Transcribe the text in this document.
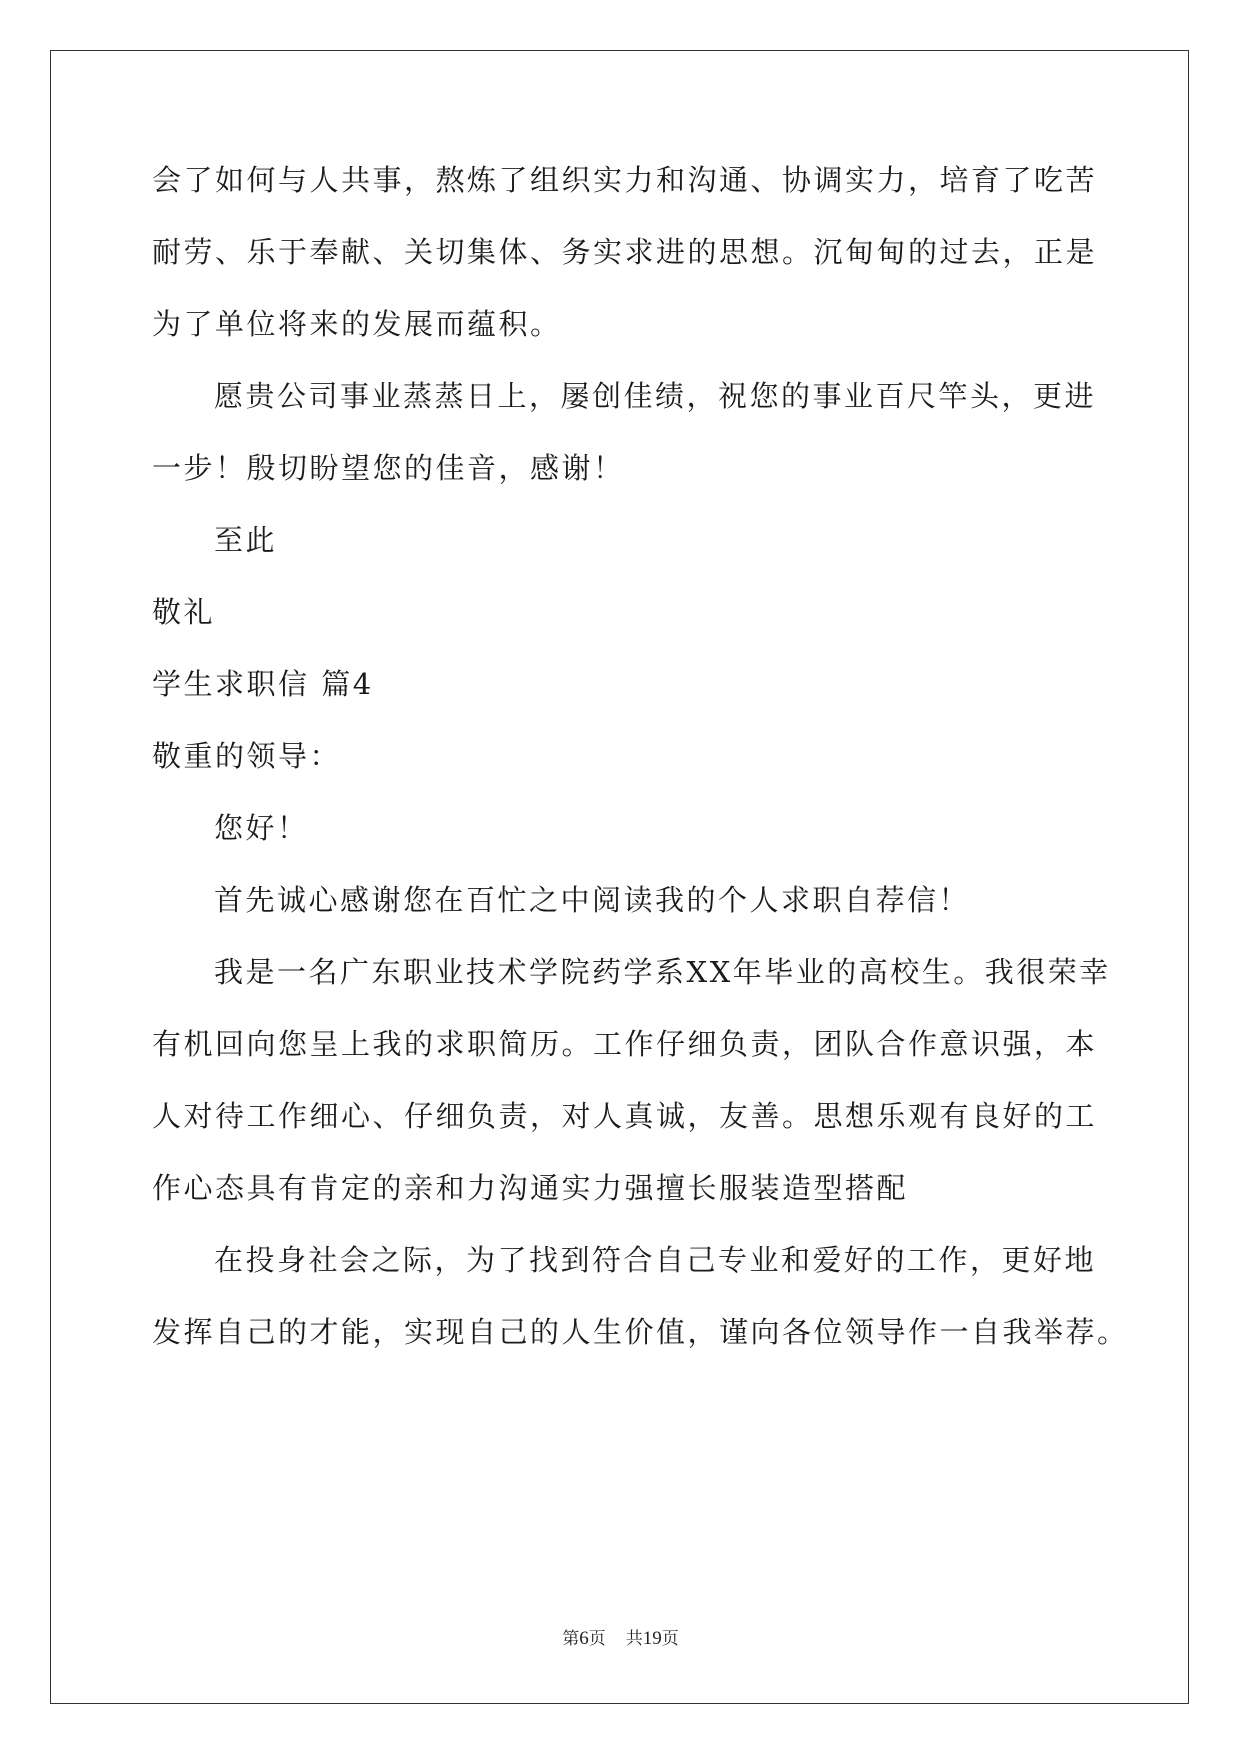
会了如何与人共事，熬炼了组织实力和沟通、协调实力，培育了吃苦
耐劳、乐于奉献、关切集体、务实求进的思想。沉甸甸的过去，正是
为了单位将来的发展而蕴积。
愿贵公司事业蒸蒸日上，屡创佳绩，祝您的事业百尺竿头，更进
一步！殷切盼望您的佳音，感谢！
至此
敬礼
学生求职信 篇4
敬重的领导：
您好！
首先诚心感谢您在百忙之中阅读我的个人求职自荐信！
我是一名广东职业技术学院药学系XX年毕业的高校生。我很荣幸
有机回向您呈上我的求职简历。工作仔细负责，团队合作意识强，本
人对待工作细心、仔细负责，对人真诚，友善。思想乐观有良好的工
作心态具有肯定的亲和力沟通实力强擅长服装造型搭配
在投身社会之际，为了找到符合自己专业和爱好的工作，更好地
发挥自己的才能，实现自己的人生价值，谨向各位领导作一自我举荐。
第6页 共19页
